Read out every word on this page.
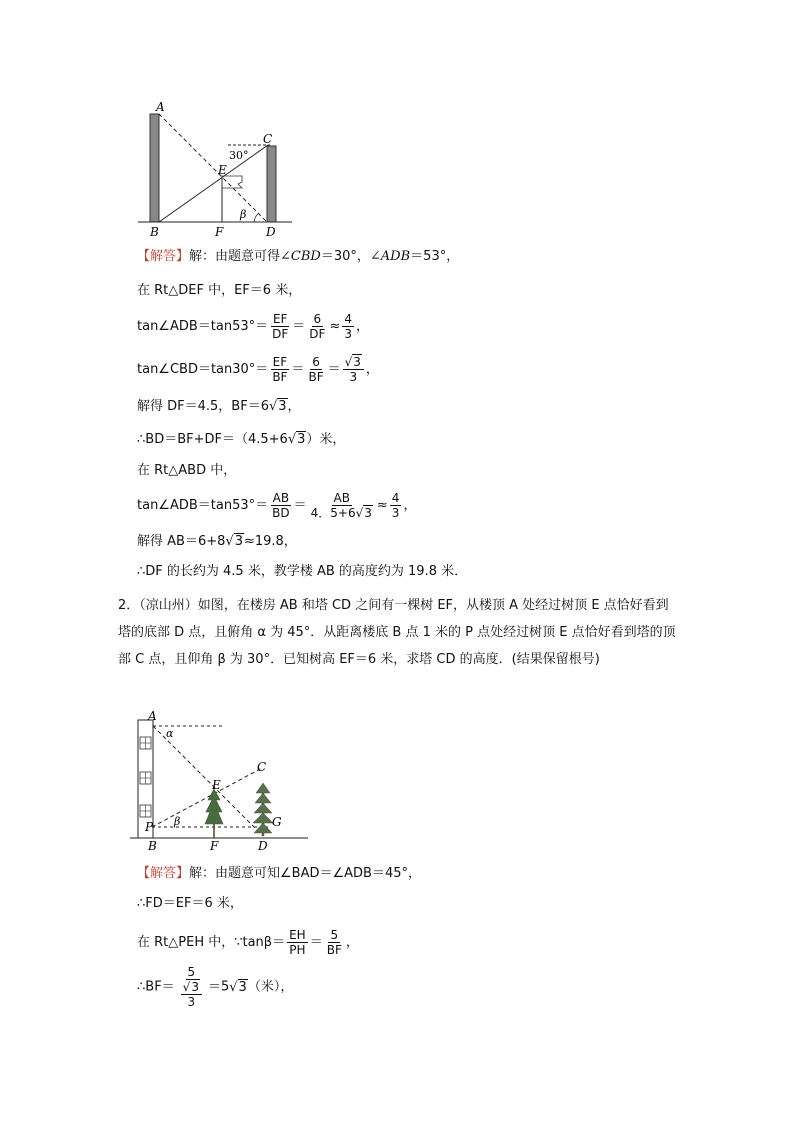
A
B
C
D
E
F
30°
β
【解答】解：由题意可得∠CBD＝30°，∠ADB＝53°，
在 Rt△DEF 中，EF＝6 米，
tan∠ADB＝tan53°＝ $\frac{EF}{DF} = \frac{6}{DF} \approx \frac{4}{3}$ ，
tan∠CBD＝tan30°＝ $\frac{EF}{BF} = \frac{6}{BF} = \frac{√3}{3}$ ，
解得 DF＝4.5，BF＝6√3，
∴BD＝BF+DF＝（4.5+6√3）米，
在 Rt△ABD 中，
tan∠ADB＝tan53°＝ $\frac{AB}{BD} = \frac{AB}{4.5+6√3} \approx \frac{4}{3}$ ，
解得 AB＝6+8√3≈19.8，
∴DF 的长约为 4.5 米，教学楼 AB 的高度约为 19.8 米．
2．（凉山州）如图，在楼房 AB 和塔 CD 之间有一棵树 EF，从楼顶 A 处经过树顶 E 点恰好看到塔的底部 D 点，且俯角 α 为 45°．从距离楼底 B 点 1 米的 P 点处经过树顶 E 点恰好看到塔的顶部 C 点，且仰角 β 为 30°．已知树高 EF＝6 米，求塔 CD 的高度．(结果保留根号)
A
α
E
C
P β	G
B	F	D
【解答】解：由题意可知∠BAD＝∠ADB＝45°，
∴FD＝EF＝6 米，
在 Rt△PEH 中，∵tanβ＝ $\frac{EH}{PH} = \frac{5}{BF}$ ，
∴BF＝ $\frac{5}{\frac{√3}{3}} =5√3$（米），
